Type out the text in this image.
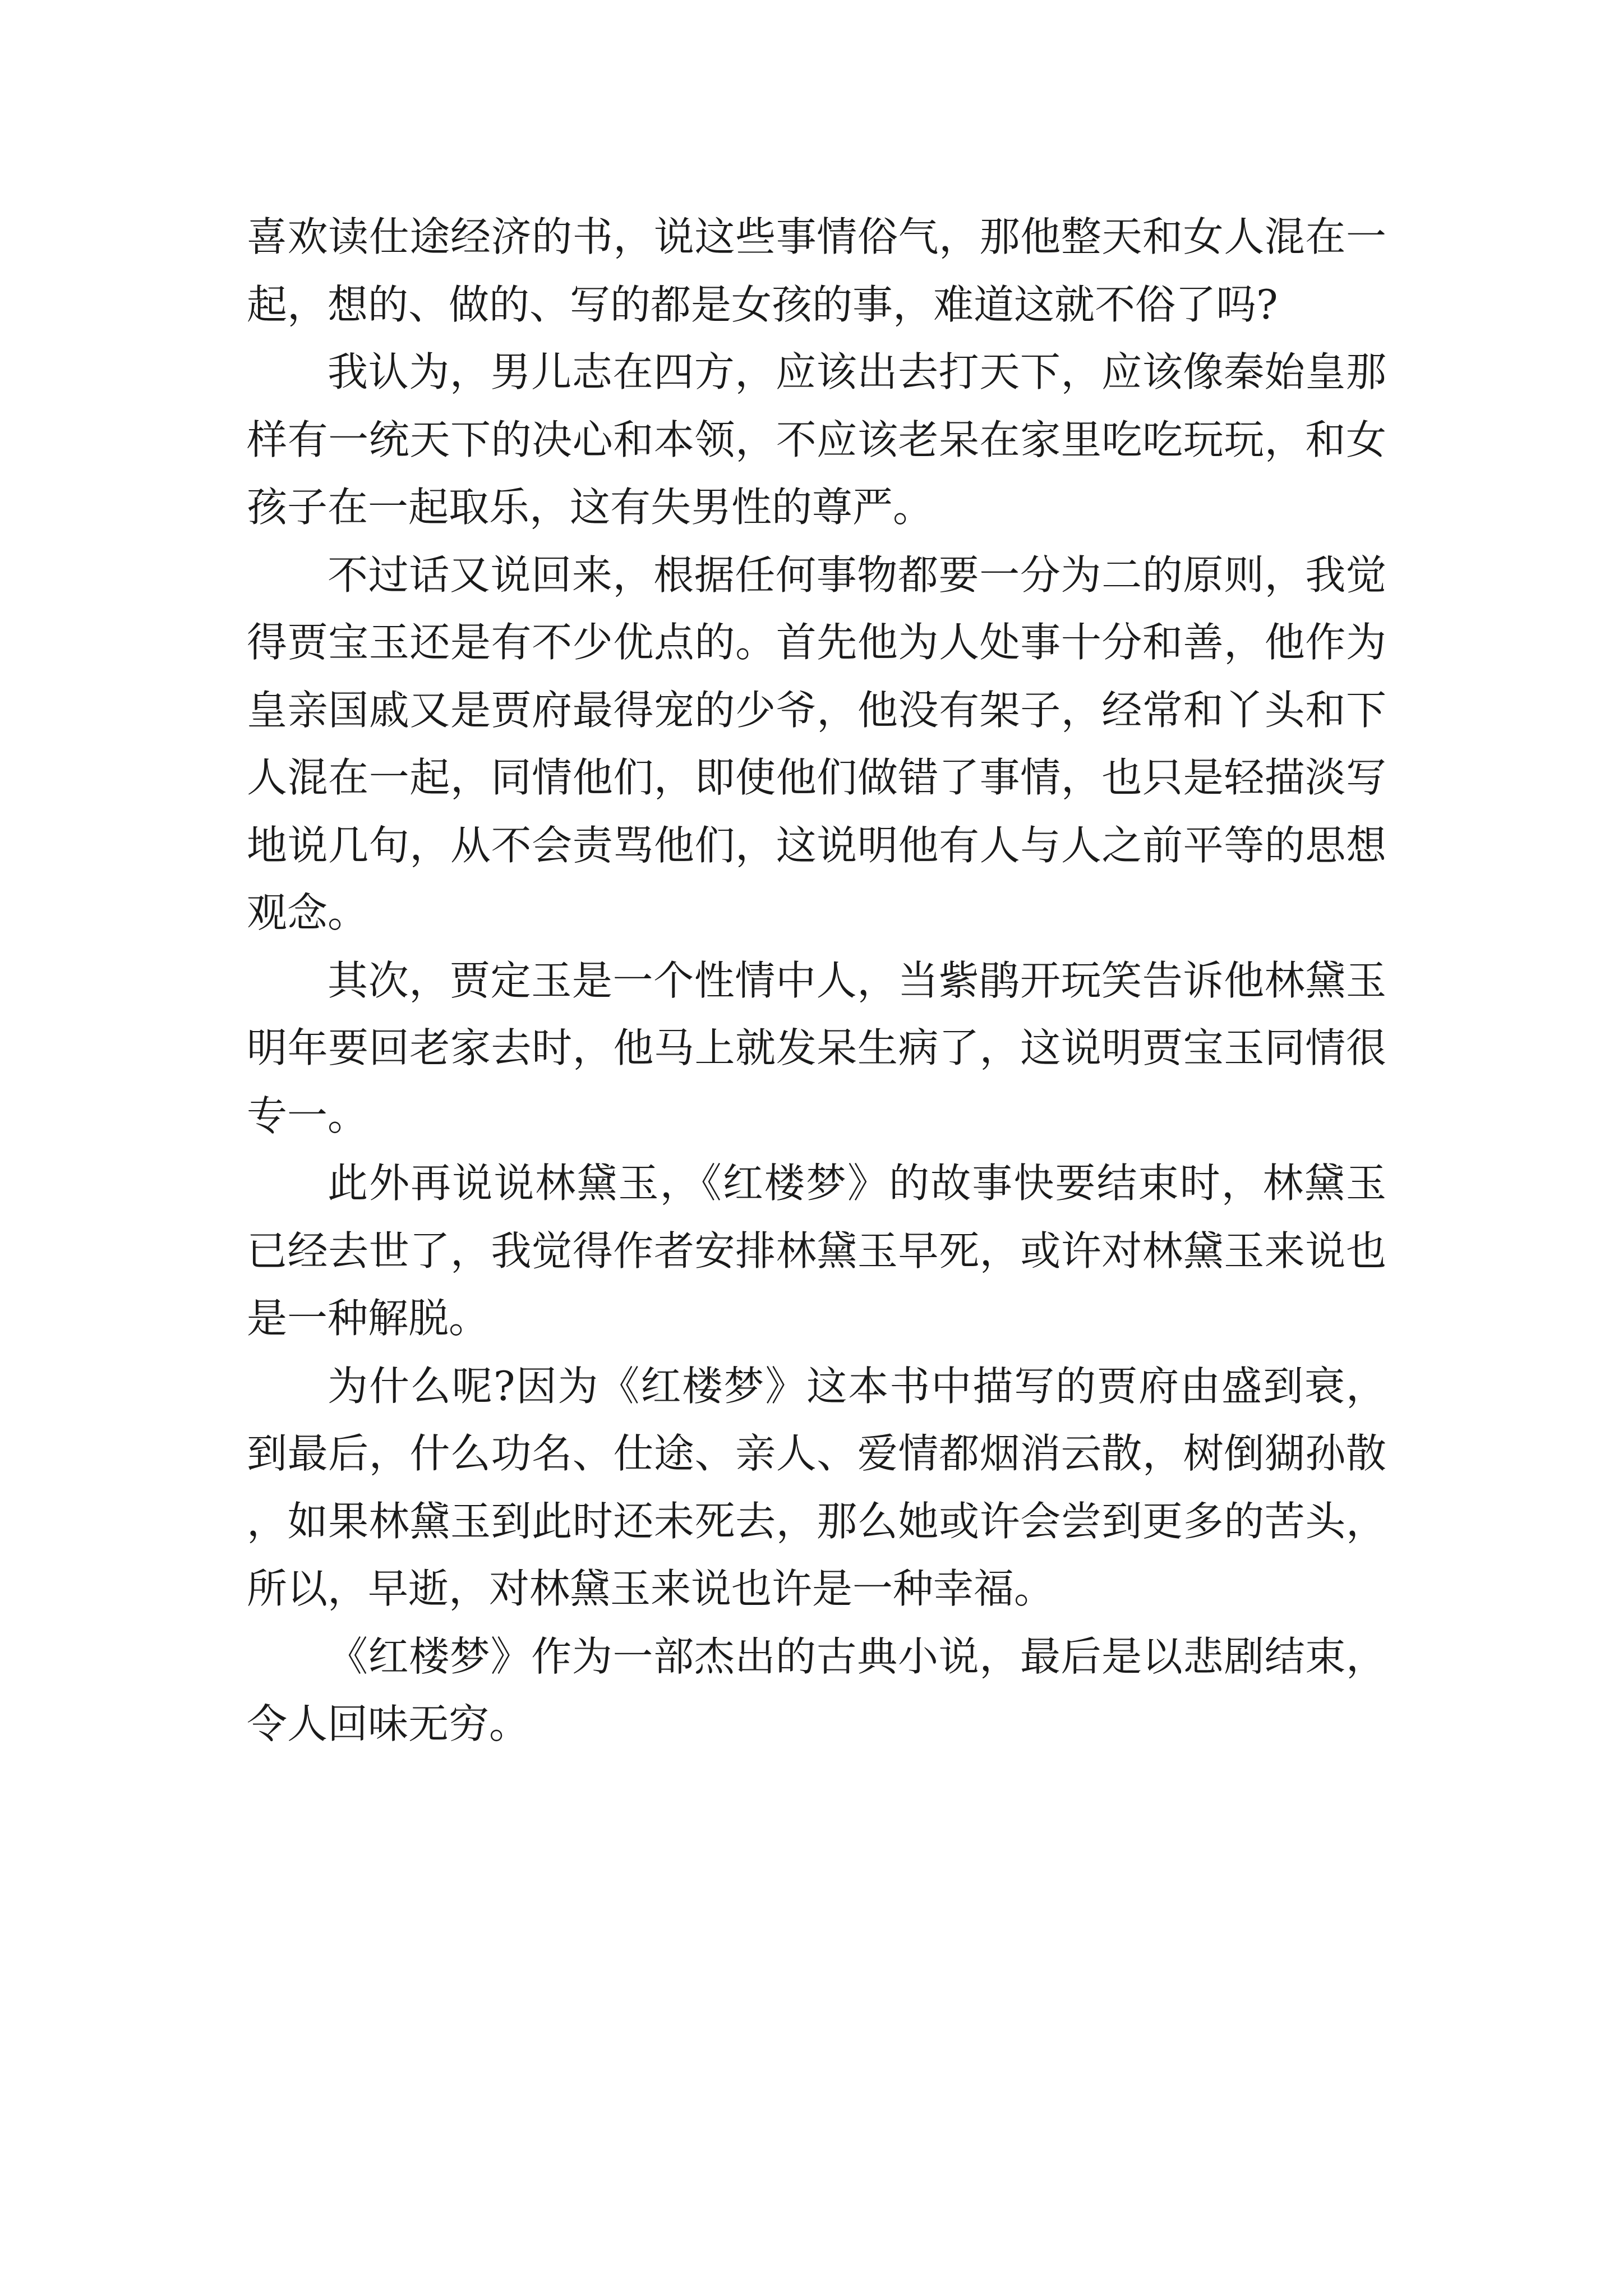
喜欢读仕途经济的书，说这些事情俗气，那他整天和女人混在一起，想的、做的、写的都是女孩的事，难道这就不俗了吗?

我认为，男儿志在四方，应该出去打天下，应该像秦始皇那样有一统天下的决心和本领，不应该老呆在家里吃吃玩玩，和女孩子在一起取乐，这有失男性的尊严。

不过话又说回来，根据任何事物都要一分为二的原则，我觉得贾宝玉还是有不少优点的。首先他为人处事十分和善，他作为皇亲国戚又是贾府最得宠的少爷，他没有架子，经常和丫头和下人混在一起，同情他们，即使他们做错了事情，也只是轻描淡写地说几句，从不会责骂他们，这说明他有人与人之前平等的思想观念。

其次，贾定玉是一个性情中人，当紫鹃开玩笑告诉他林黛玉明年要回老家去时，他马上就发呆生病了，这说明贾宝玉同情很专一。

此外再说说林黛玉，《红楼梦》的故事快要结束时，林黛玉已经去世了，我觉得作者安排林黛玉早死，或许对林黛玉来说也是一种解脱。

为什么呢?因为《红楼梦》这本书中描写的贾府由盛到衰，到最后，什么功名、仕途、亲人、爱情都烟消云散，树倒猢孙散，如果林黛玉到此时还未死去，那么她或许会尝到更多的苦头，所以，早逝，对林黛玉来说也许是一种幸福。

《红楼梦》作为一部杰出的古典小说，最后是以悲剧结束，令人回味无穷。
